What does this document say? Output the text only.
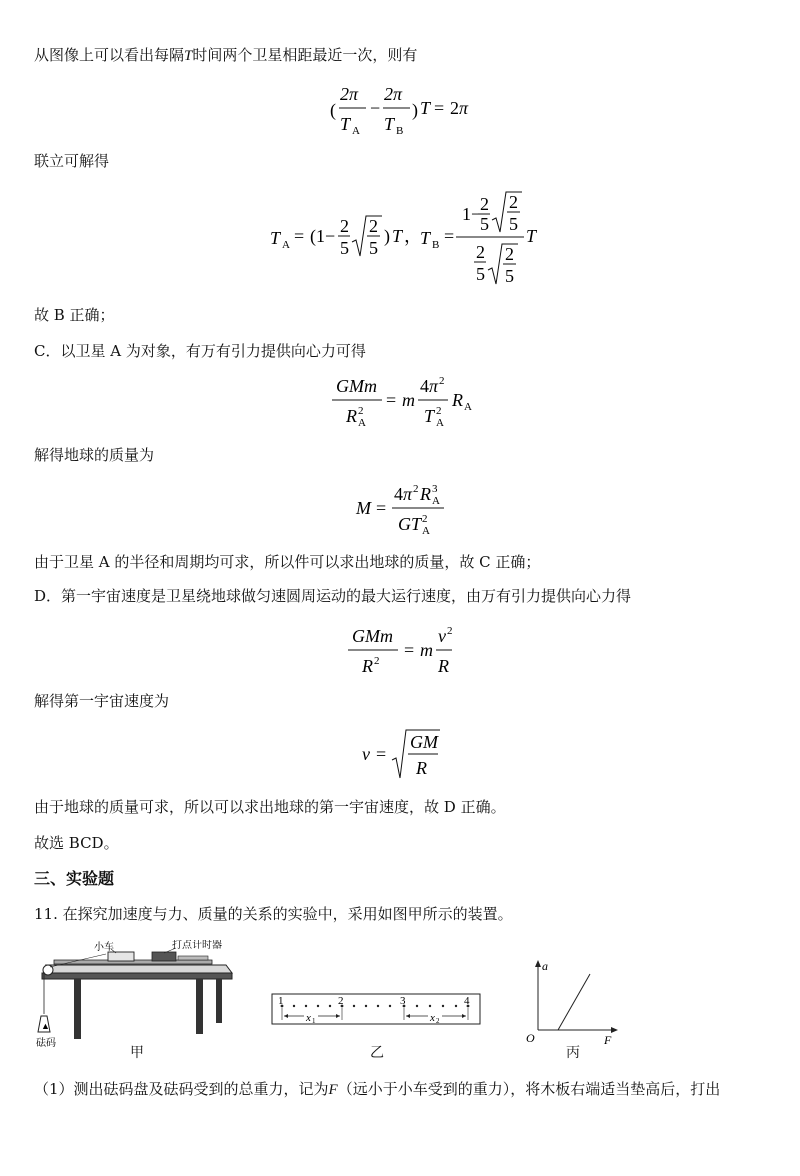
从图像上可以看出每隔T时间两个卫星相距最近一次，则有
(
2π
T A
−
2π
T B
) T = 2 π
联立可解得
T A = (1− 2
5
2
5
) T ，
T B =
1−
2
5
2
5
2
5
2
5
T
故 B 正确；
C．以卫星 A 为对象，有万有引力提供向心力可得
GMm
R 2
A
= m
4 π 2
T 2
A
R A
解得地球的质量为
M =
4 π 2 R 3
A
GT 2
A
由于卫星 A 的半径和周期均可求，所以件可以求出地球的质量，故 C 正确；
D．第一宇宙速度是卫星绕地球做匀速圆周运动的最大运行速度，由万有引力提供向心力得
GMm
R 2
= m
v 2
R
解得第一宇宙速度为
v =
GM
R
由于地球的质量可求，所以可以求出地球的第一宇宙速度，故 D 正确。
故选 BCD。
三、实验题
11. 在探究加速度与力、质量的关系的实验中，采用如图甲所示的装置。
▲
小车	打点计时器
砝码
甲
1	2	3	4
x 1	x 2
乙
a
F
O
丙
（1）测出砝码盘及砝码受到的总重力，记为F（远小于小车受到的重力），将木板右端适当垫高后，打出
